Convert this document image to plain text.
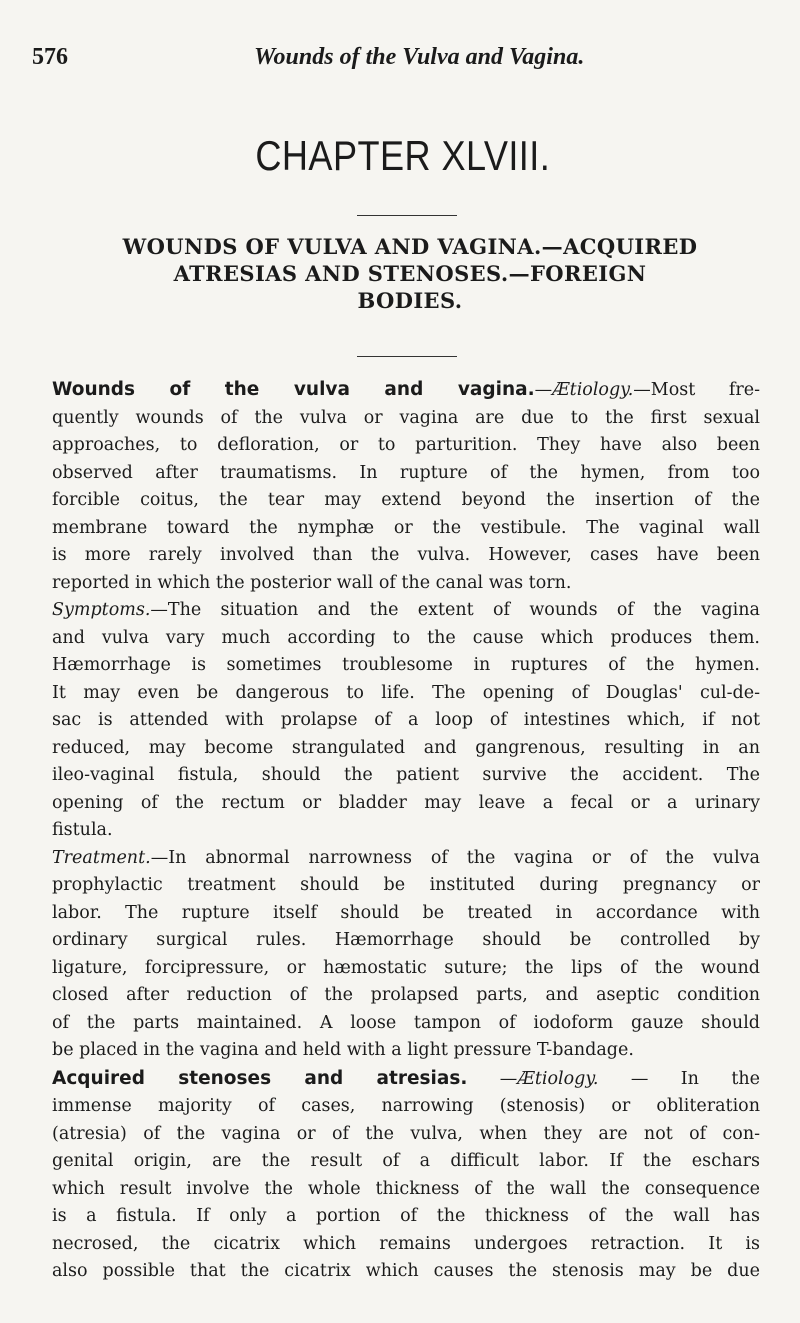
576	Wounds of the Vulva and Vagina.
CHAPTER XLVIII.
WOUNDS OF VULVA AND VAGINA.—ACQUIRED
ATRESIAS AND STENOSES.—FOREIGN
BODIES.
Wounds of the vulva and vagina.—Ætiology.—Most fre-
quently wounds of the vulva or vagina are due to the first sexual
approaches, to defloration, or to parturition. They have also been
observed after traumatisms. In rupture of the hymen, from too
forcible coitus, the tear may extend beyond the insertion of the
membrane toward the nymphæ or the vestibule. The vaginal wall
is more rarely involved than the vulva. However, cases have been
reported in which the posterior wall of the canal was torn.
Symptoms.—The situation and the extent of wounds of the vagina
and vulva vary much according to the cause which produces them.
Hæmorrhage is sometimes troublesome in ruptures of the hymen.
It may even be dangerous to life. The opening of Douglas' cul-de-
sac is attended with prolapse of a loop of intestines which, if not
reduced, may become strangulated and gangrenous, resulting in an
ileo-vaginal fistula, should the patient survive the accident. The
opening of the rectum or bladder may leave a fecal or a urinary
fistula.
Treatment.—In abnormal narrowness of the vagina or of the vulva
prophylactic treatment should be instituted during pregnancy or
labor. The rupture itself should be treated in accordance with
ordinary surgical rules. Hæmorrhage should be controlled by
ligature, forcipressure, or hæmostatic suture; the lips of the wound
closed after reduction of the prolapsed parts, and aseptic condition
of the parts maintained. A loose tampon of iodoform gauze should
be placed in the vagina and held with a light pressure T-bandage.
Acquired stenoses and atresias. —Ætiology. — In the
immense majority of cases, narrowing (stenosis) or obliteration
(atresia) of the vagina or of the vulva, when they are not of con-
genital origin, are the result of a difficult labor. If the eschars
which result involve the whole thickness of the wall the consequence
is a fistula. If only a portion of the thickness of the wall has
necrosed, the cicatrix which remains undergoes retraction. It is
also possible that the cicatrix which causes the stenosis may be due
